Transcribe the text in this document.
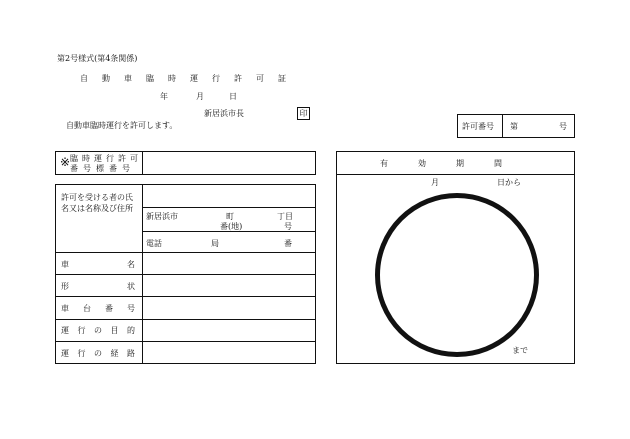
第2号様式(第4条関係)
自動車臨時運行許可証
年	月	日
新居浜市長	印
自動車臨時運行を許可します。	許可番号 第	号
※ 臨 時 運 行 許 可
番号標番号
許可を受ける者の氏
名又は名称及び住所
新居浜市	町	丁目
番(地)	号
電話	局	番
車	名
形	状
車 台 番 号
運 行 の 目 的
運 行 の 経 路
有効期間
月	日から
まで
